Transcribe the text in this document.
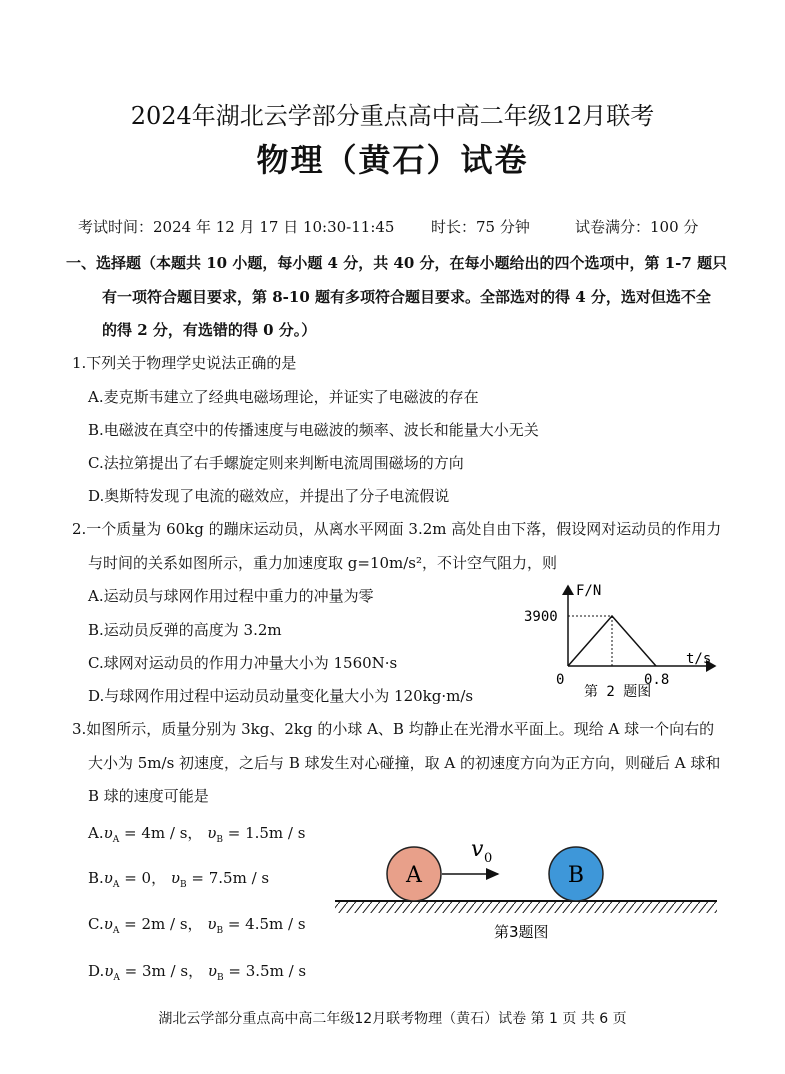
2024年湖北云学部分重点高中高二年级12月联考
物理（黄石）试卷
考试时间：2024 年 12 月 17 日 10:30-11:45 时长：75 分钟	试卷满分：100 分
一、选择题（本题共 10 小题，每小题 4 分，共 40 分，在每小题给出的四个选项中，第 1-7 题只
有一项符合题目要求，第 8-10 题有多项符合题目要求。全部选对的得 4 分，选对但选不全
的得 2 分，有选错的得 0 分。）
1.下列关于物理学史说法正确的是
A.麦克斯韦建立了经典电磁场理论，并证实了电磁波的存在
B.电磁波在真空中的传播速度与电磁波的频率、波长和能量大小无关
C.法拉第提出了右手螺旋定则来判断电流周围磁场的方向
D.奥斯特发现了电流的磁效应，并提出了分子电流假说
2.一个质量为 60kg 的蹦床运动员，从离水平网面 3.2m 高处自由下落，假设网对运动员的作用力
与时间的关系如图所示，重力加速度取 g=10m/s²，不计空气阻力，则
A.运动员与球网作用过程中重力的冲量为零
B.运动员反弹的高度为 3.2m
C.球网对运动员的作用力冲量大小为 1560N·s
D.与球网作用过程中运动员动量变化量大小为 120kg·m/s
F/N
t/s
3900
0	0.8
第 2 题图
3.如图所示，质量分别为 3kg、2kg 的小球 A、B 均静止在光滑水平面上。现给 A 球一个向右的
大小为 5m/s 初速度，之后与 B 球发生对心碰撞，取 A 的初速度方向为正方向，则碰后 A 球和
B 球的速度可能是
$A.\upsilon_A = 4m / s$， $\upsilon_B = 1.5m / s$
$B.\upsilon_A = 0$， $\upsilon_B = 7.5m / s$
$C.\upsilon_A = 2m / s$， $\upsilon_B = 4.5m / s$
$D.\upsilon_A = 3m / s$， $\upsilon_B = 3.5m / s$
A	B
v 0
第3题图
湖北云学部分重点高中高二年级12月联考物理（黄石）试卷 第 1 页 共 6 页
